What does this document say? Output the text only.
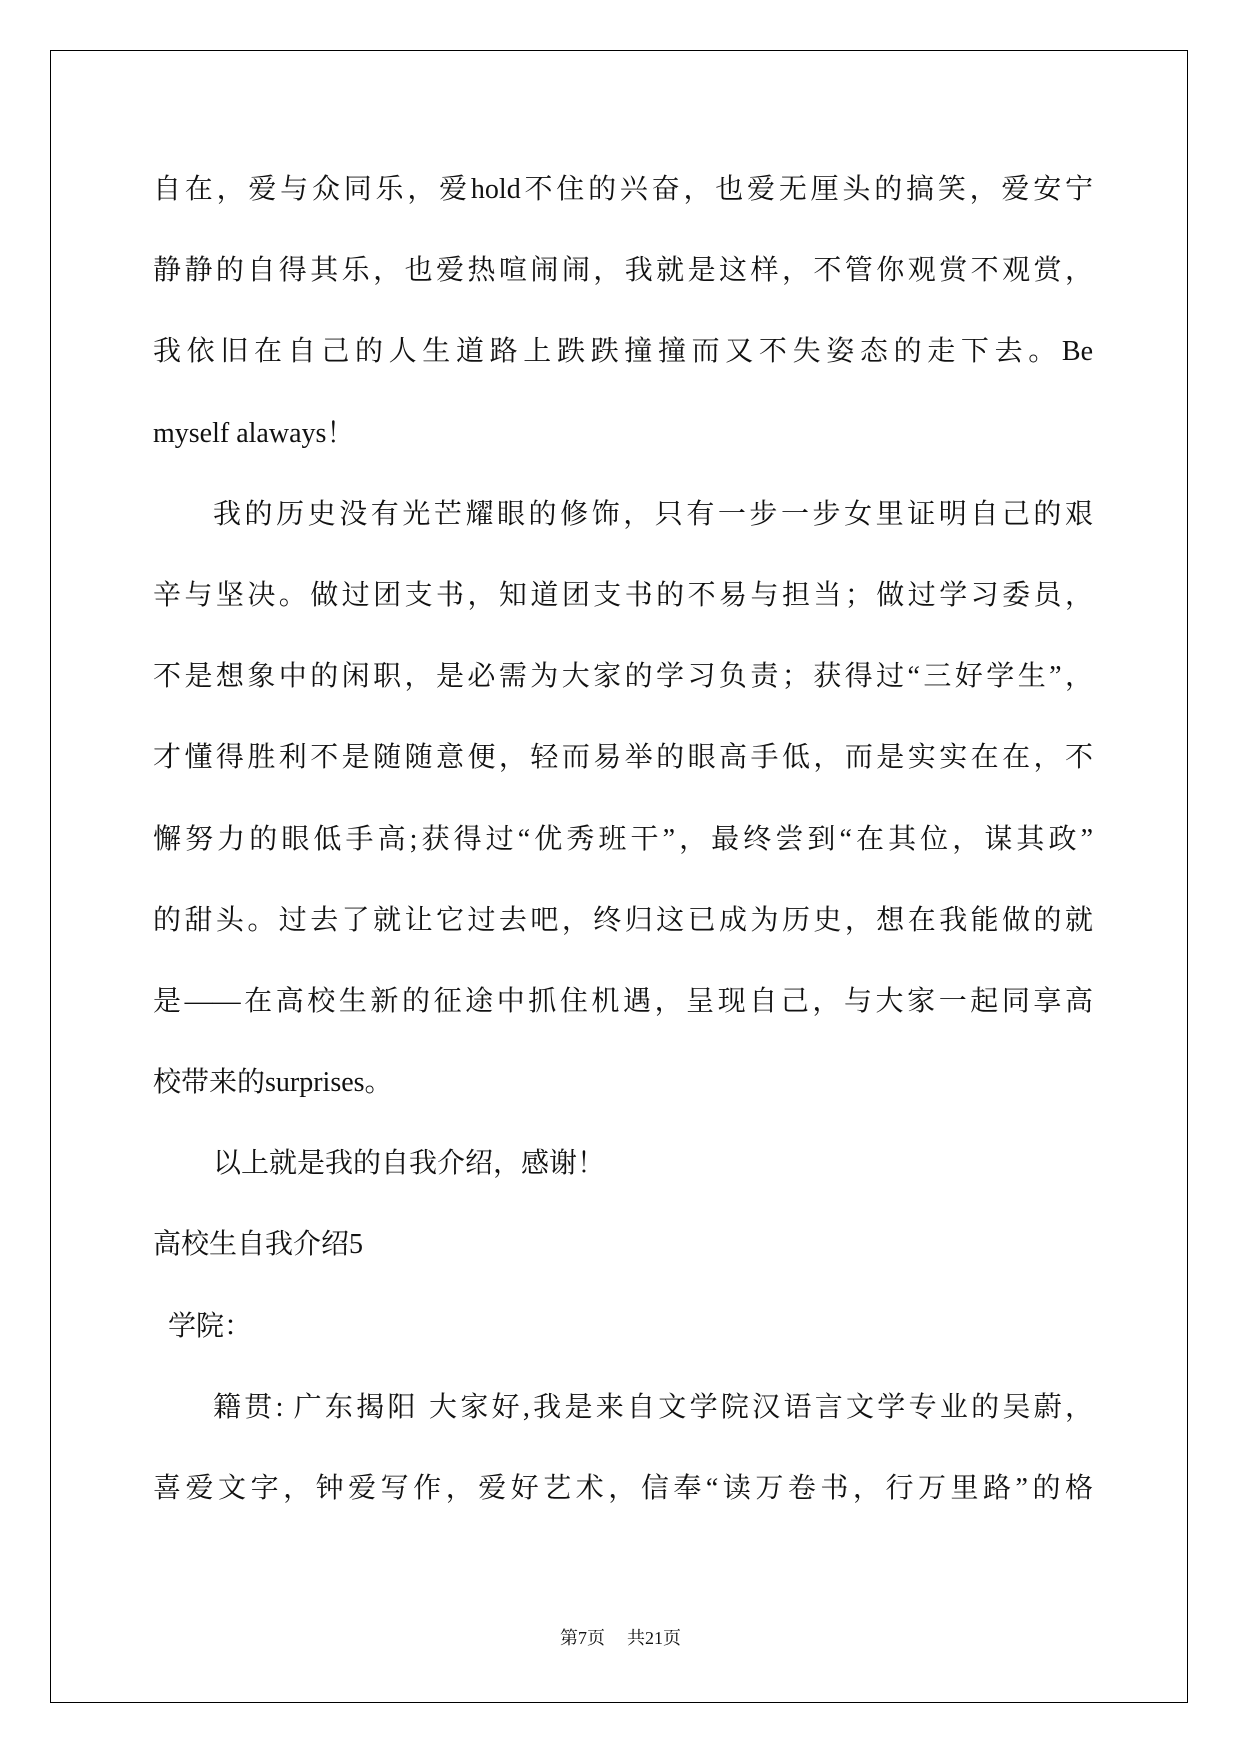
自在，爱与众同乐，爱hold不住的兴奋，也爱无厘头的搞笑，爱安宁
静静的自得其乐，也爱热喧闹闹，我就是这样，不管你观赏不观赏，
我依旧在自己的人生道路上跌跌撞撞而又不失姿态的走下去。Be
myself alaways！
我的历史没有光芒耀眼的修饰，只有一步一步女里证明自己的艰
辛与坚决。做过团支书，知道团支书的不易与担当；做过学习委员，
不是想象中的闲职，是必需为大家的学习负责；获得过“三好学生”，
才懂得胜利不是随随意便，轻而易举的眼高手低，而是实实在在，不
懈努力的眼低手高;获得过“优秀班干”，最终尝到“在其位，谋其政”
的甜头。过去了就让它过去吧，终归这已成为历史，想在我能做的就
是——在高校生新的征途中抓住机遇，呈现自己，与大家一起同享高
校带来的surprises。
以上就是我的自我介绍，感谢！
高校生自我介绍5
学院：
籍贯: 广东揭阳 大家好,我是来自文学院汉语言文学专业的吴蔚，
喜爱文字，钟爱写作，爱好艺术，信奉“读万卷书，行万里路”的格
第7页 共21页
